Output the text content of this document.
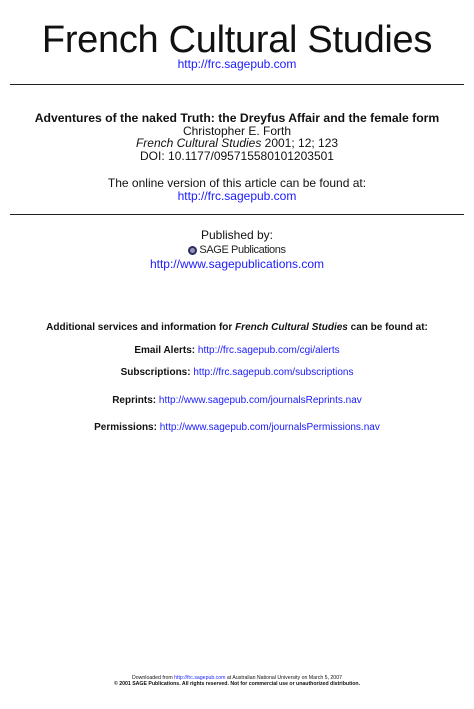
French Cultural Studies
http://frc.sagepub.com
Adventures of the naked Truth: the Dreyfus Affair and the female form
Christopher E. Forth
French Cultural Studies 2001; 12; 123
DOI: 10.1177/095715580101203501
The online version of this article can be found at:
http://frc.sagepub.com
Published by:
SAGE Publications
http://www.sagepublications.com
Additional services and information for French Cultural Studies can be found at:
Email Alerts: http://frc.sagepub.com/cgi/alerts
Subscriptions: http://frc.sagepub.com/subscriptions
Reprints: http://www.sagepub.com/journalsReprints.nav
Permissions: http://www.sagepub.com/journalsPermissions.nav
Downloaded from http://frc.sagepub.com at Australian National University on March 5, 2007
© 2001 SAGE Publications. All rights reserved. Not for commercial use or unauthorized distribution.
